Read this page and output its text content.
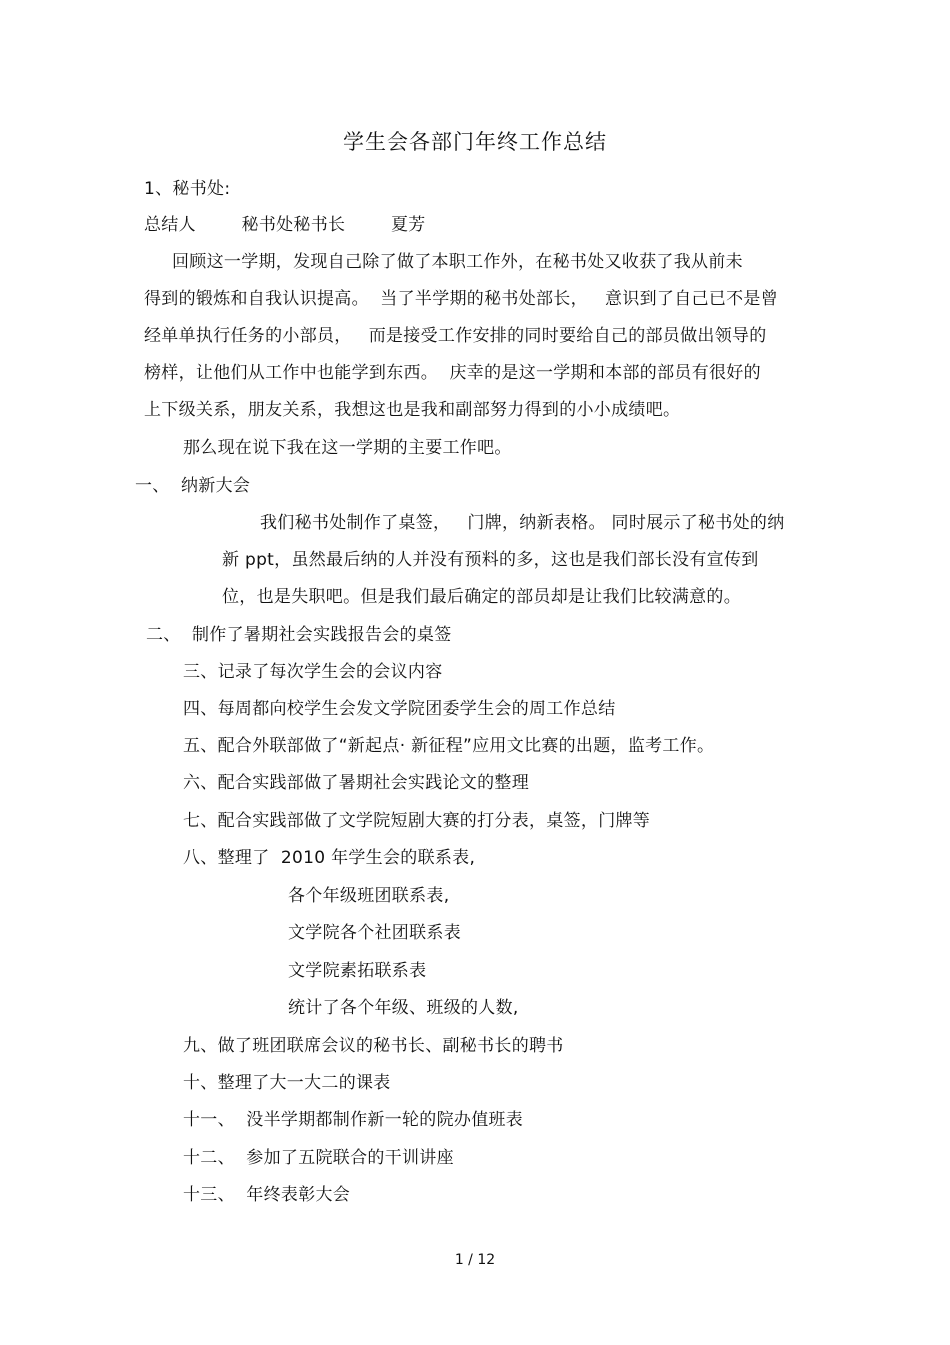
学生会各部门年终工作总结
1、秘书处:
总结人        秘书处秘书长        夏芳
回顾这一学期，发现自己除了做了本职工作外，在秘书处又收获了我从前未
得到的锻炼和自我认识提高。  当了半学期的秘书处部长，   意识到了自己已不是曾
经单单执行任务的小部员，   而是接受工作安排的同时要给自己的部员做出领导的
榜样，让他们从工作中也能学到东西。  庆幸的是这一学期和本部的部员有很好的
上下级关系，朋友关系，我想这也是我和副部努力得到的小小成绩吧。
那么现在说下我在这一学期的主要工作吧。
一、  纳新大会
我们秘书处制作了桌签，   门牌，纳新表格。 同时展示了秘书处的纳
新 ppt，虽然最后纳的人并没有预料的多，这也是我们部长没有宣传到
位，也是失职吧。但是我们最后确定的部员却是让我们比较满意的。
二、  制作了暑期社会实践报告会的桌签
三、记录了每次学生会的会议内容
四、每周都向校学生会发文学院团委学生会的周工作总结
五、配合外联部做了“新起点· 新征程”应用文比赛的出题，监考工作。
六、配合实践部做了暑期社会实践论文的整理
七、配合实践部做了文学院短剧大赛的打分表，桌签，门牌等
八、整理了  2010 年学生会的联系表,
各个年级班团联系表,
文学院各个社团联系表
文学院素拓联系表
统计了各个年级、班级的人数,
九、做了班团联席会议的秘书长、副秘书长的聘书
十、整理了大一大二的课表
十一、  没半学期都制作新一轮的院办值班表
十二、  参加了五院联合的干训讲座
十三、  年终表彰大会
1 / 12
